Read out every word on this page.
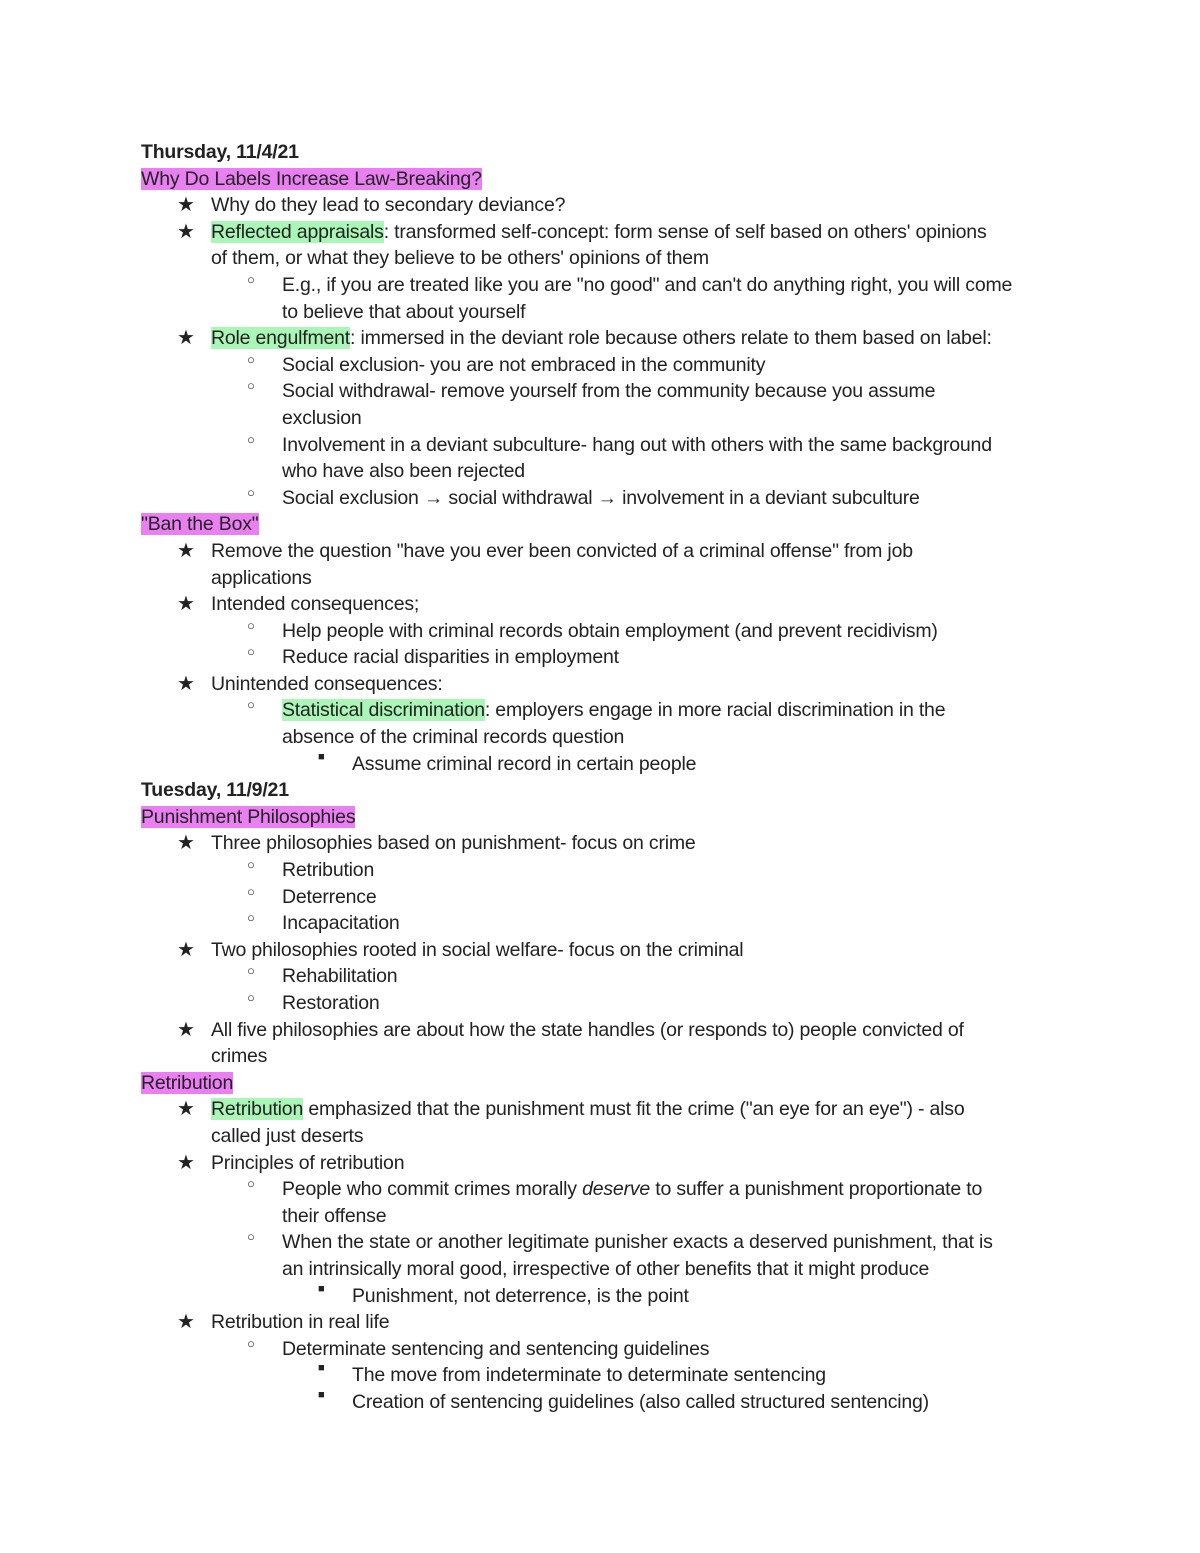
Thursday, 11/4/21
Why Do Labels Increase Law-Breaking?
★ Why do they lead to secondary deviance?
★ Reflected appraisals: transformed self-concept: form sense of self based on others' opinions
of them, or what they believe to be others' opinions of them
○ E.g., if you are treated like you are "no good" and can't do anything right, you will come
to believe that about yourself
★ Role engulfment: immersed in the deviant role because others relate to them based on label:
○ Social exclusion- you are not embraced in the community
○ Social withdrawal- remove yourself from the community because you assume
exclusion
○ Involvement in a deviant subculture- hang out with others with the same background
who have also been rejected
○ Social exclusion → social withdrawal → involvement in a deviant subculture
"Ban the Box"
★ Remove the question "have you ever been convicted of a criminal offense" from job
applications
★ Intended consequences;
○ Help people with criminal records obtain employment (and prevent recidivism)
○ Reduce racial disparities in employment
★ Unintended consequences:
○ Statistical discrimination: employers engage in more racial discrimination in the
absence of the criminal records question
■ Assume criminal record in certain people
Tuesday, 11/9/21
Punishment Philosophies
★ Three philosophies based on punishment- focus on crime
○ Retribution
○ Deterrence
○ Incapacitation
★ Two philosophies rooted in social welfare- focus on the criminal
○ Rehabilitation
○ Restoration
★ All five philosophies are about how the state handles (or responds to) people convicted of
crimes
Retribution
★ Retribution emphasized that the punishment must fit the crime ("an eye for an eye") - also
called just deserts
★ Principles of retribution
○ People who commit crimes morally deserve to suffer a punishment proportionate to
their offense
○ When the state or another legitimate punisher exacts a deserved punishment, that is
an intrinsically moral good, irrespective of other benefits that it might produce
■ Punishment, not deterrence, is the point
★ Retribution in real life
○ Determinate sentencing and sentencing guidelines
■ The move from indeterminate to determinate sentencing
■ Creation of sentencing guidelines (also called structured sentencing)
